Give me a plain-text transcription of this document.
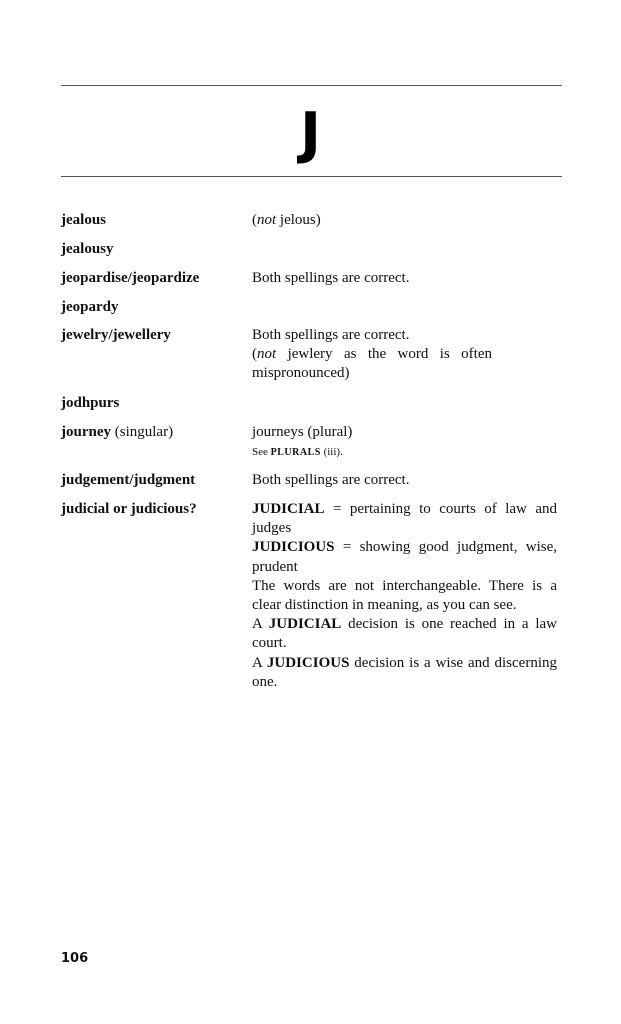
J
jealous	(not jelous)
jealousy
jeopardise/jeopardize	Both spellings are correct.
jeopardy
jewelry/jewellery	Both spellings are correct.

(not jewlery as the word is often mispronounced)

jodhpurs
journey (singular)	journeys (plural)

See PLURALS (iii).

judgement/judgment	Both spellings are correct.
judicial or judicious?	JUDICIAL = pertaining to courts of law and judges

JUDICIOUS = showing good judgment, wise, prudent

The words are not interchangeable. There is a clear distinction in meaning, as you can see.

A JUDICIAL decision is one reached in a law court.

A JUDICIOUS decision is a wise and discerning one.

106
